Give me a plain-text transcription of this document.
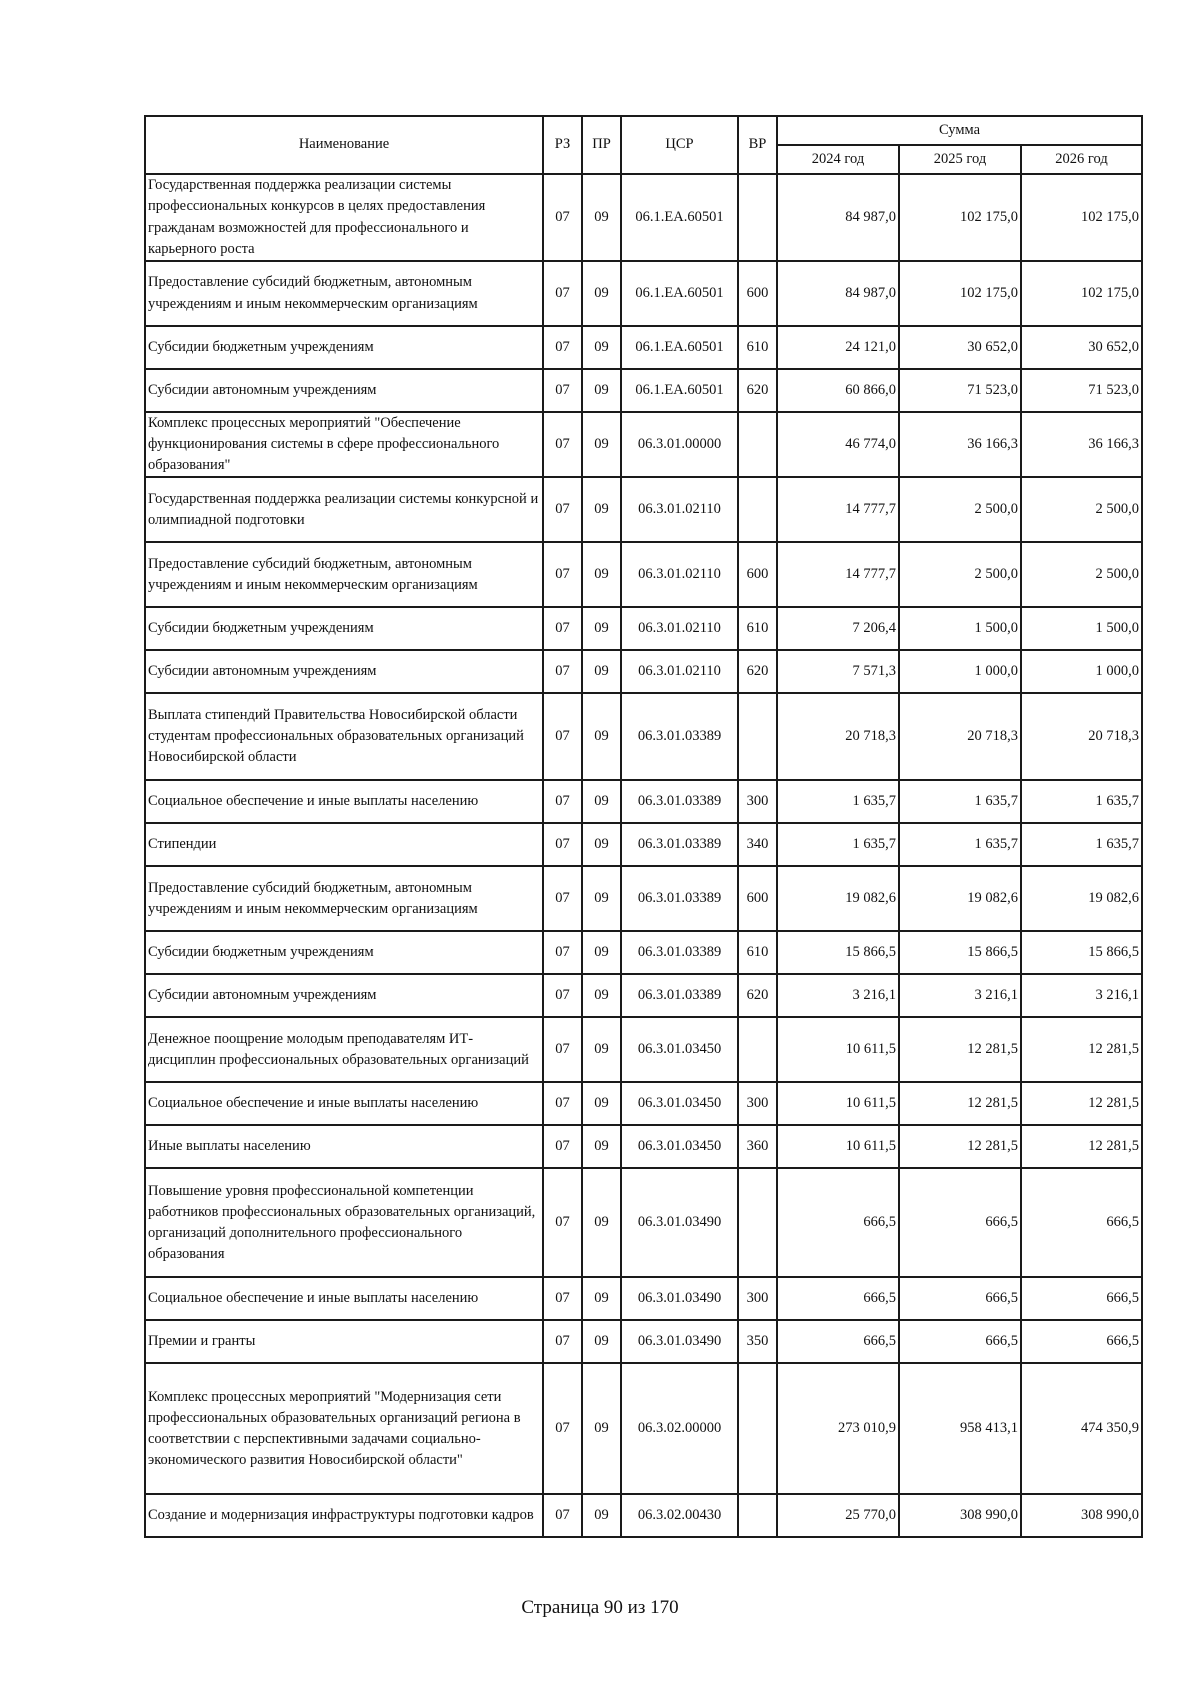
Наименование	РЗ	ПР	ЦСР	ВР	Сумма		
					2024 год	2025 год	2026 год
Государственная поддержка реализации системы профессиональных конкурсов в целях предоставления гражданам возможностей для профессионального и карьерного роста	07	09	06.1.ЕА.60501		84 987,0	102 175,0	102 175,0
Предоставление субсидий бюджетным, автономным учреждениям и иным некоммерческим организациям	07	09	06.1.ЕА.60501	600	84 987,0	102 175,0	102 175,0
Субсидии бюджетным учреждениям	07	09	06.1.ЕА.60501	610	24 121,0	30 652,0	30 652,0
Субсидии автономным учреждениям	07	09	06.1.ЕА.60501	620	60 866,0	71 523,0	71 523,0
Комплекс процессных мероприятий "Обеспечение функционирования системы в сфере профессионального образования"	07	09	06.3.01.00000		46 774,0	36 166,3	36 166,3
Государственная поддержка реализации системы конкурсной и олимпиадной подготовки	07	09	06.3.01.02110		14 777,7	2 500,0	2 500,0
Предоставление субсидий бюджетным, автономным учреждениям и иным некоммерческим организациям	07	09	06.3.01.02110	600	14 777,7	2 500,0	2 500,0
Субсидии бюджетным учреждениям	07	09	06.3.01.02110	610	7 206,4	1 500,0	1 500,0
Субсидии автономным учреждениям	07	09	06.3.01.02110	620	7 571,3	1 000,0	1 000,0
Выплата стипендий Правительства Новосибирской области студентам профессиональных образовательных организаций Новосибирской области	07	09	06.3.01.03389		20 718,3	20 718,3	20 718,3
Социальное обеспечение и иные выплаты населению	07	09	06.3.01.03389	300	1 635,7	1 635,7	1 635,7
Стипендии	07	09	06.3.01.03389	340	1 635,7	1 635,7	1 635,7
Предоставление субсидий бюджетным, автономным учреждениям и иным некоммерческим организациям	07	09	06.3.01.03389	600	19 082,6	19 082,6	19 082,6
Субсидии бюджетным учреждениям	07	09	06.3.01.03389	610	15 866,5	15 866,5	15 866,5
Субсидии автономным учреждениям	07	09	06.3.01.03389	620	3 216,1	3 216,1	3 216,1
Денежное поощрение молодым преподавателям ИТ-дисциплин профессиональных образовательных организаций	07	09	06.3.01.03450		10 611,5	12 281,5	12 281,5
Социальное обеспечение и иные выплаты населению	07	09	06.3.01.03450	300	10 611,5	12 281,5	12 281,5
Иные выплаты населению	07	09	06.3.01.03450	360	10 611,5	12 281,5	12 281,5
Повышение уровня профессиональной компетенции работников профессиональных образовательных организаций, организаций дополнительного профессионального образования	07	09	06.3.01.03490		666,5	666,5	666,5
Социальное обеспечение и иные выплаты населению	07	09	06.3.01.03490	300	666,5	666,5	666,5
Премии и гранты	07	09	06.3.01.03490	350	666,5	666,5	666,5
Комплекс процессных мероприятий "Модернизация сети профессиональных образовательных организаций региона в соответствии с перспективными задачами социально-экономического развития Новосибирской области"	07	09	06.3.02.00000		273 010,9	958 413,1	474 350,9
Создание и модернизация инфраструктуры подготовки кадров	07	09	06.3.02.00430		25 770,0	308 990,0	308 990,0
Страница 90 из 170
